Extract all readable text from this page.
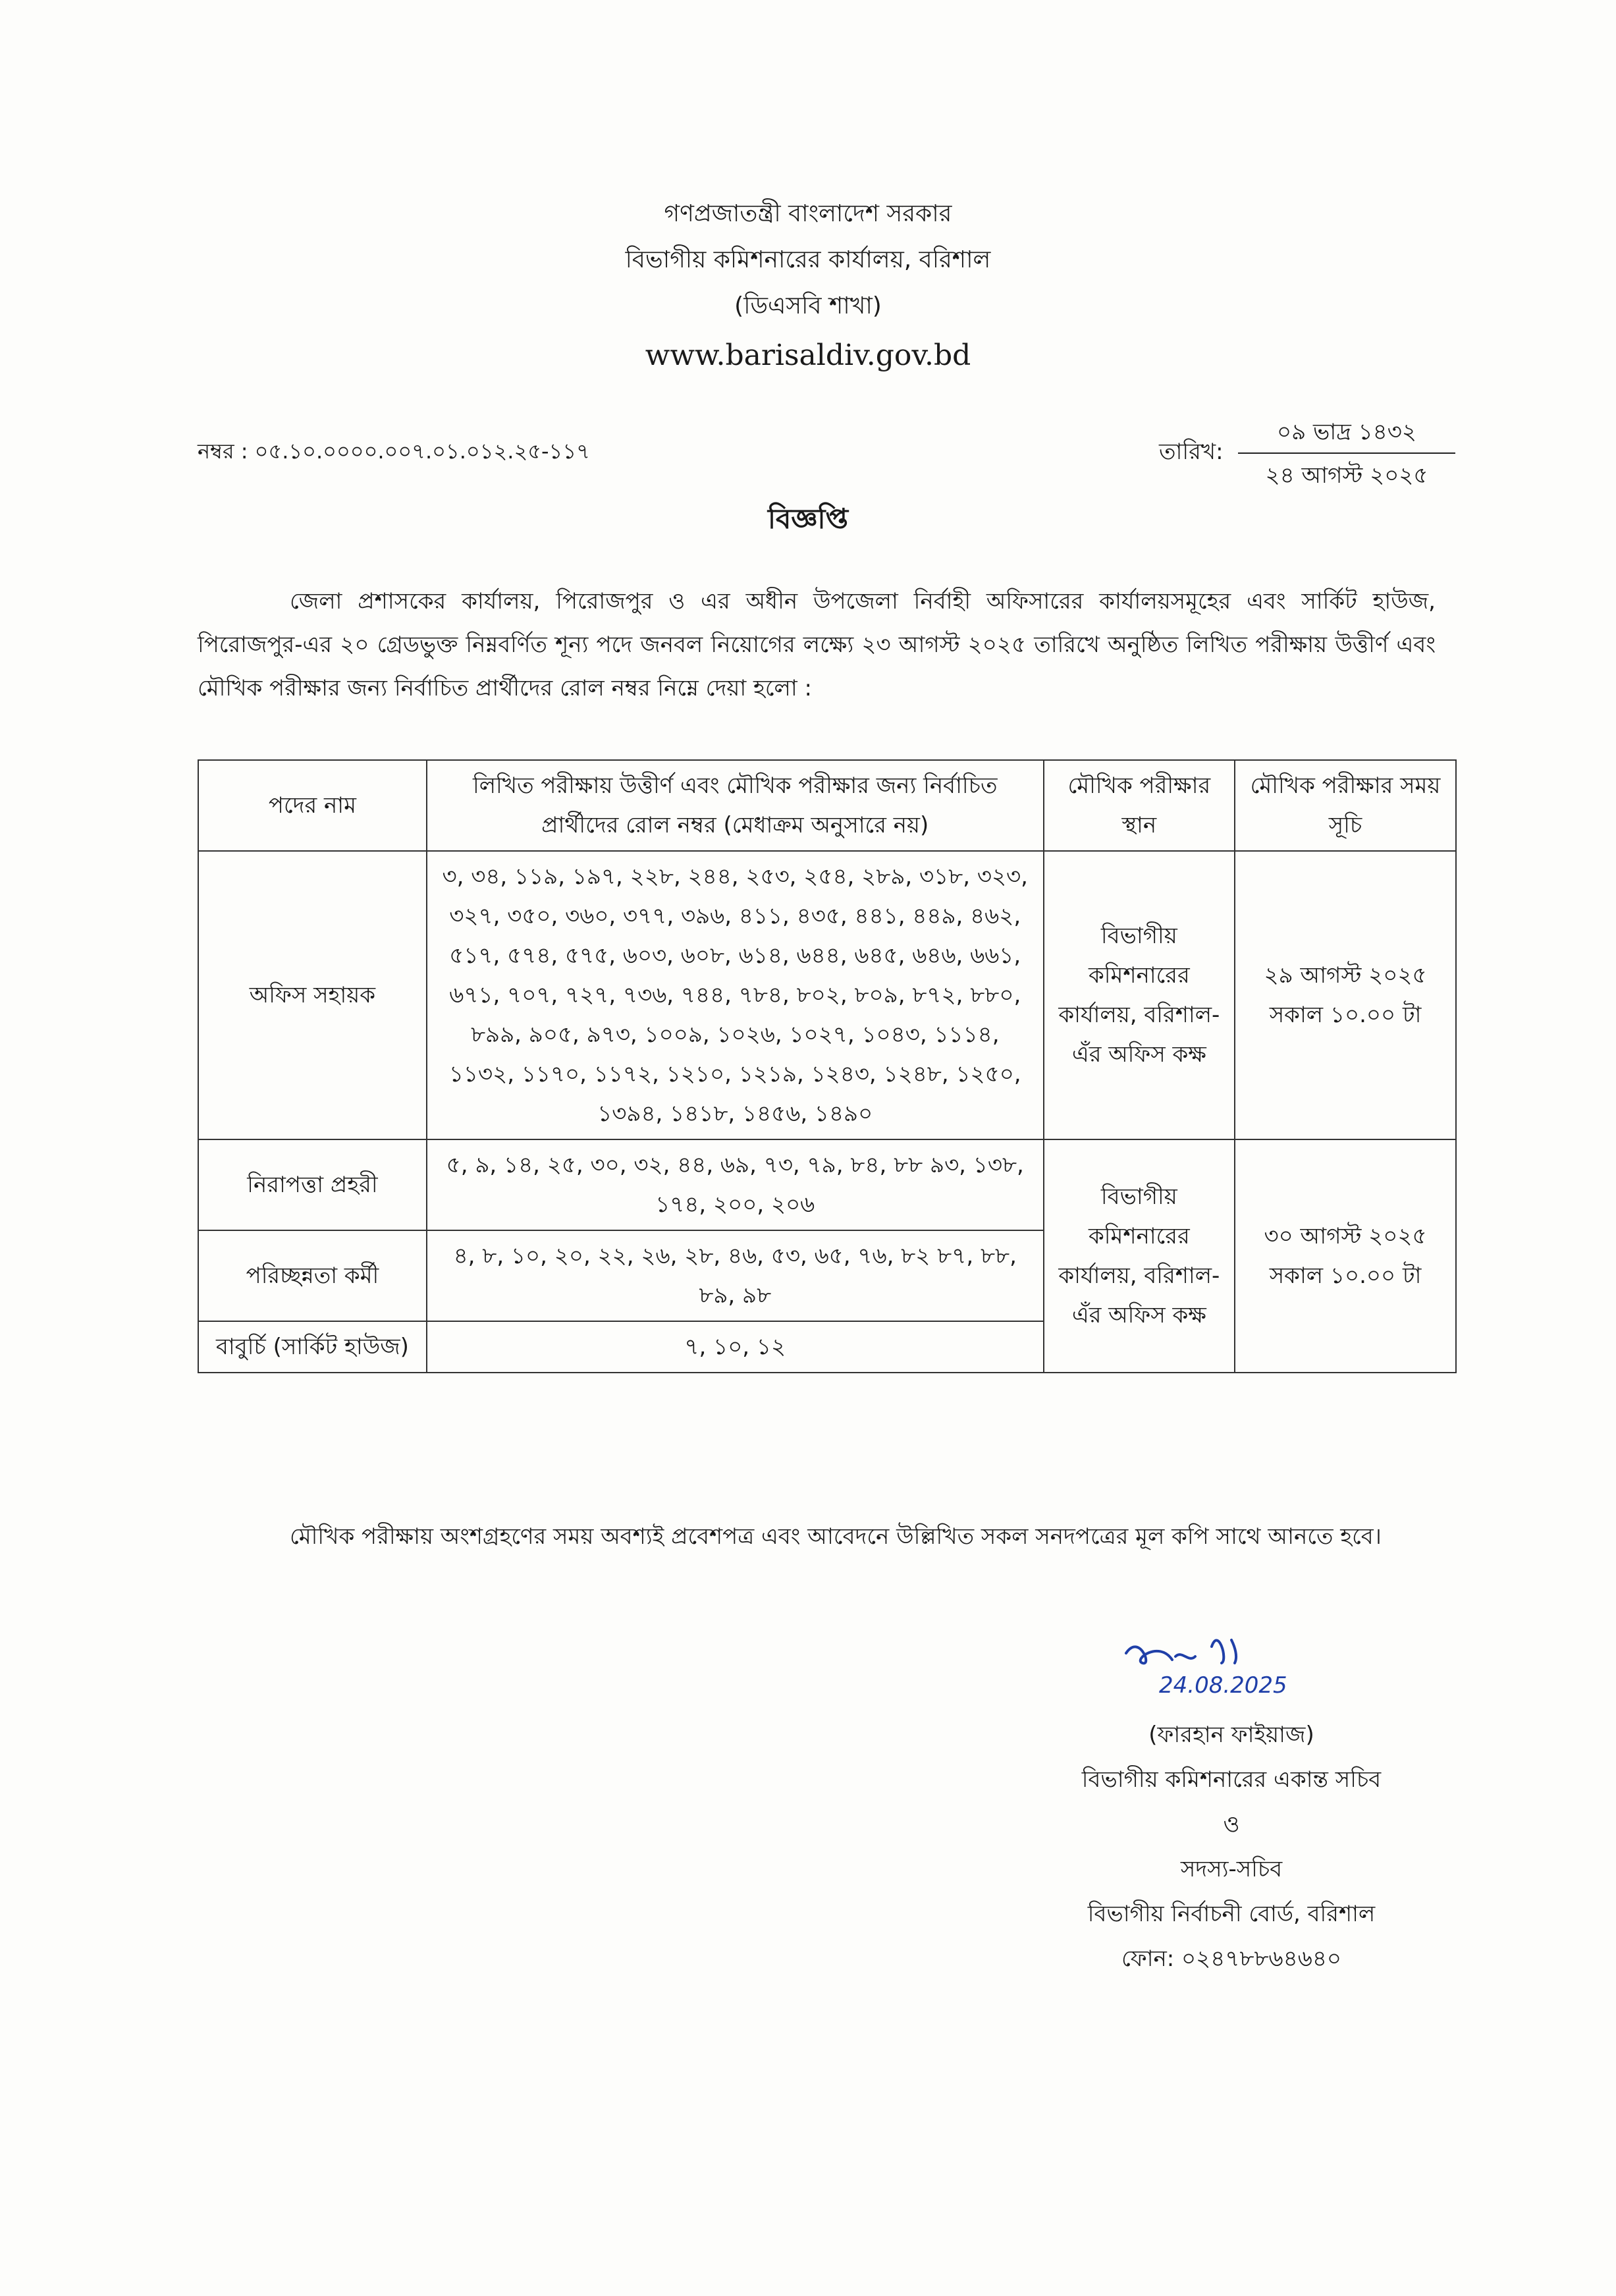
গণপ্রজাতন্ত্রী বাংলাদেশ সরকার
বিভাগীয় কমিশনারের কার্যালয়, বরিশাল
(ডিএসবি শাখা)
www.barisaldiv.gov.bd
নম্বর : ০৫.১০.০০০০.০০৭.০১.০১২.২৫-১১৭	তারিখ:
০৯ ভাদ্র ১৪৩২
২৪ আগস্ট ২০২৫
বিজ্ঞপ্তি
জেলা প্রশাসকের কার্যালয়, পিরোজপুর ও এর অধীন উপজেলা নির্বাহী অফিসারের কার্যালয়সমূহের এবং সার্কিট হাউজ, পিরোজপুর-এর ২০ গ্রেডভুক্ত নিম্নবর্ণিত শূন্য পদে জনবল নিয়োগের লক্ষ্যে ২৩ আগস্ট ২০২৫ তারিখে অনুষ্ঠিত লিখিত পরীক্ষায় উত্তীর্ণ এবং মৌখিক পরীক্ষার জন্য নির্বাচিত প্রার্থীদের রোল নম্বর নিম্নে দেয়া হলো :
পদের নাম	লিখিত পরীক্ষায় উত্তীর্ণ এবং মৌখিক পরীক্ষার জন্য নির্বাচিত প্রার্থীদের রোল নম্বর (মেধাক্রম অনুসারে নয়)	মৌখিক পরীক্ষার স্থান	মৌখিক পরীক্ষার সময় সূচি
অফিস সহায়ক	৩, ৩৪, ১১৯, ১৯৭, ২২৮, ২৪৪, ২৫৩, ২৫৪, ২৮৯, ৩১৮, ৩২৩, ৩২৭, ৩৫০, ৩৬০, ৩৭৭, ৩৯৬, ৪১১, ৪৩৫, ৪৪১, ৪৪৯, ৪৬২, ৫১৭, ৫৭৪, ৫৭৫, ৬০৩, ৬০৮, ৬১৪, ৬৪৪, ৬৪৫, ৬৪৬, ৬৬১, ৬৭১, ৭০৭, ৭২৭, ৭৩৬, ৭৪৪, ৭৮৪, ৮০২, ৮০৯, ৮৭২, ৮৮০, ৮৯৯, ৯০৫, ৯৭৩, ১০০৯, ১০২৬, ১০২৭, ১০৪৩, ১১১৪, ১১৩২, ১১৭০, ১১৭২, ১২১০, ১২১৯, ১২৪৩, ১২৪৮, ১২৫০, ১৩৯৪, ১৪১৮, ১৪৫৬, ১৪৯০	বিভাগীয় কমিশনারের কার্যালয়, বরিশাল-এঁর অফিস কক্ষ	২৯ আগস্ট ২০২৫
সকাল ১০.০০ টা

নিরাপত্তা প্রহরী	৫, ৯, ১৪, ২৫, ৩০, ৩২, ৪৪, ৬৯, ৭৩, ৭৯, ৮৪, ৮৮ ৯৩, ১৩৮, ১৭৪, ২০০, ২০৬	বিভাগীয় কমিশনারের কার্যালয়, বরিশাল-এঁর অফিস কক্ষ	৩০ আগস্ট ২০২৫
সকাল ১০.০০ টা

পরিচ্ছন্নতা কর্মী	৪, ৮, ১০, ২০, ২২, ২৬, ২৮, ৪৬, ৫৩, ৬৫, ৭৬, ৮২ ৮৭, ৮৮, ৮৯, ৯৮		
বাবুর্চি (সার্কিট হাউজ)	৭, ১০, ১২		
মৌখিক পরীক্ষায় অংশগ্রহণের সময় অবশ্যই প্রবেশপত্র এবং আবেদনে উল্লিখিত সকল সনদপত্রের মূল কপি সাথে আনতে হবে।
24.08.2025
(ফারহান ফাইয়াজ)
বিভাগীয় কমিশনারের একান্ত সচিব
ও
সদস্য-সচিব
বিভাগীয় নির্বাচনী বোর্ড, বরিশাল
ফোন: ০২৪৭৮৮৬৪৬৪০
